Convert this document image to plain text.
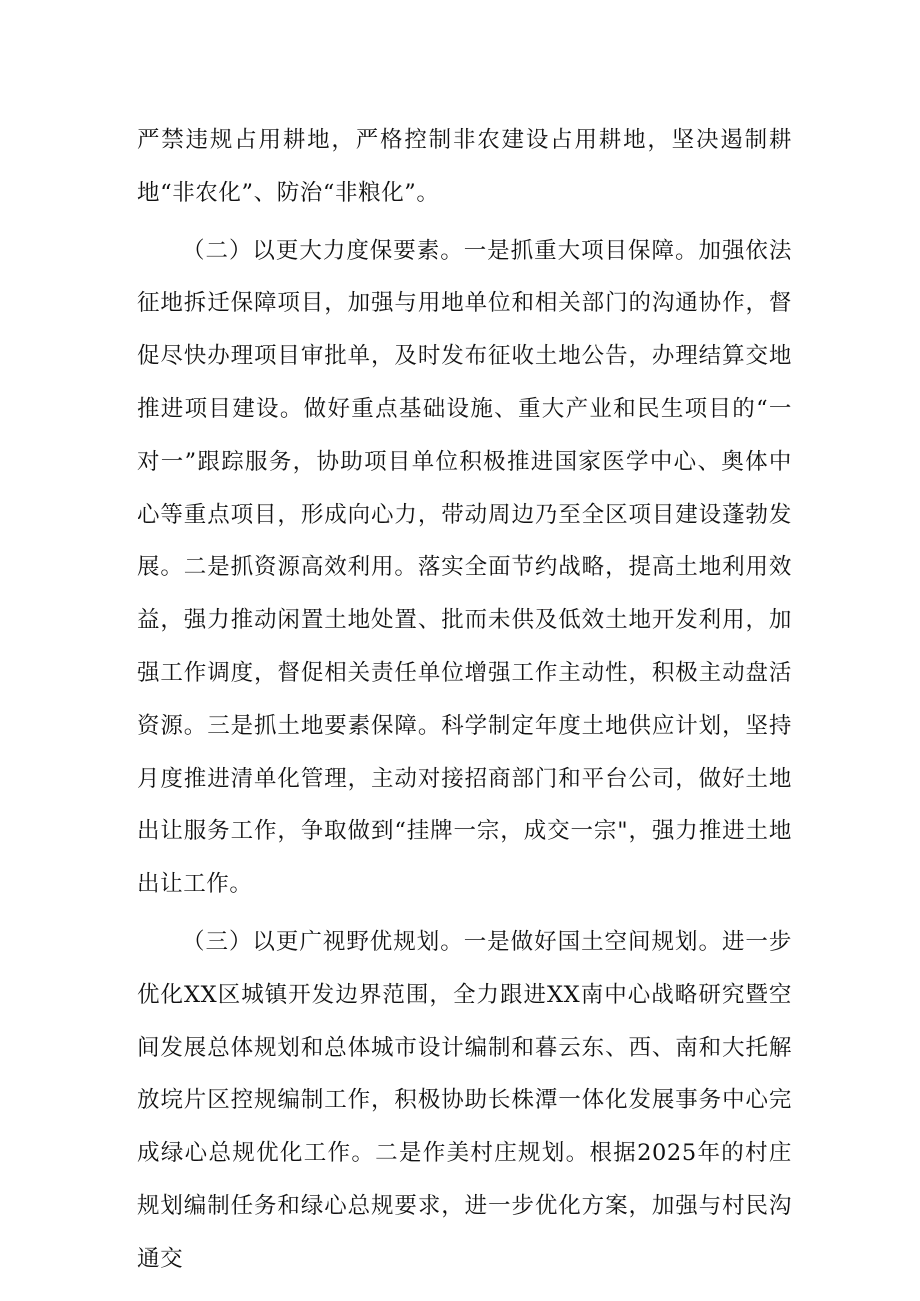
严禁违规占用耕地，严格控制非农建设占用耕地，坚决遏制耕地“非农化”、防治“非粮化”。

（二）以更大力度保要素。一是抓重大项目保障。加强依法征地拆迁保障项目，加强与用地单位和相关部门的沟通协作，督促尽快办理项目审批单，及时发布征收土地公告，办理结算交地推进项目建设。做好重点基础设施、重大产业和民生项目的“一对一”跟踪服务，协助项目单位积极推进国家医学中心、奥体中心等重点项目，形成向心力，带动周边乃至全区项目建设蓬勃发展。二是抓资源高效利用。落实全面节约战略，提高土地利用效益，强力推动闲置土地处置、批而未供及低效土地开发利用，加强工作调度，督促相关责任单位增强工作主动性，积极主动盘活资源。三是抓土地要素保障。科学制定年度土地供应计划，坚持月度推进清单化管理，主动对接招商部门和平台公司，做好土地出让服务工作，争取做到“挂牌一宗，成交一宗"，强力推进土地出让工作。

（三）以更广视野优规划。一是做好国土空间规划。进一步优化XX区城镇开发边界范围，全力跟进XX南中心战略研究暨空间发展总体规划和总体城市设计编制和暮云东、西、南和大托解放垸片区控规编制工作，积极协助长株潭一体化发展事务中心完成绿心总规优化工作。二是作美村庄规划。根据2025年的村庄规划编制任务和绿心总规要求，进一步优化方案，加强与村民沟通交
